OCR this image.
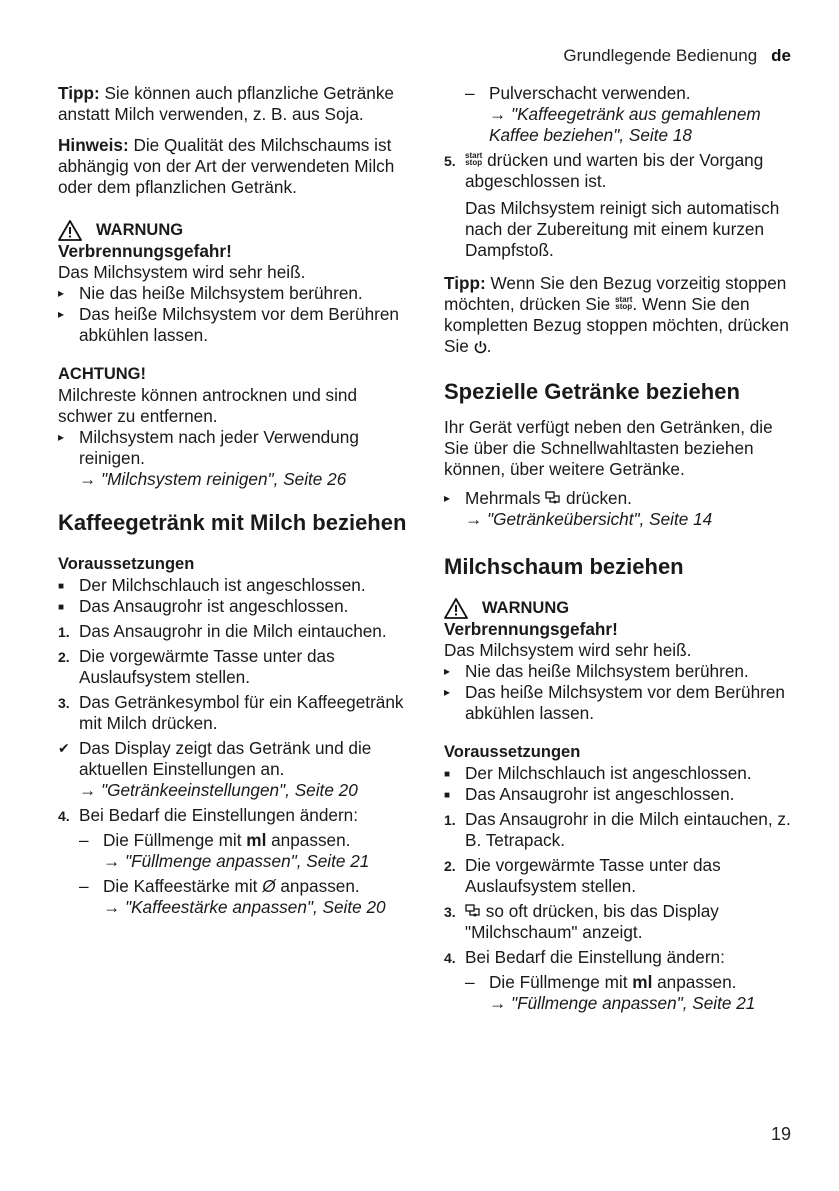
Grundlegende Bedienung de

Tipp: Sie können auch pflanzliche Getränke anstatt Milch verwenden, z. B. aus Soja.

Hinweis: Die Qualität des Milchschaums ist abhängig von der Art der verwendeten Milch oder dem pflanzlichen Getränk.

WARNUNG

Verbrennungsgefahr!

Das Milchsystem wird sehr heiß.

▸ Nie das heiße Milchsystem berühren.
▸ Das heiße Milchsystem vor dem Berühren abkühlen lassen.

ACHTUNG!

Milchreste können antrocknen und sind schwer zu entfernen.

▸ Milchsystem nach jeder Verwendung reinigen.
→ "Milchsystem reinigen", Seite 26
Kaffeegetränk mit Milch beziehen

Voraussetzungen

■ Der Milchschlauch ist angeschlossen.
■ Das Ansaugrohr ist angeschlossen.
1. Das Ansaugrohr in die Milch eintauchen.
2. Die vorgewärmte Tasse unter das Auslaufsystem stellen.
3. Das Getränkesymbol für ein Kaffeegetränk mit Milch drücken.
✔ Das Display zeigt das Getränk und die aktuellen Einstellungen an.
→ "Getränkeeinstellungen", Seite 20
4. Bei Bedarf die Einstellungen ändern:
– Die Füllmenge mit ml anpassen.
→ "Füllmenge anpassen", Seite 21
– Die Kaffeestärke mit Ø anpassen.
→ "Kaffeestärke anpassen", Seite 20
– Pulverschacht verwenden.
→ "Kaffeegetränk aus gemahlenem Kaffee beziehen", Seite 18
5. start
stop drücken und warten bis der Vorgang abgeschlossen ist.

Das Milchsystem reinigt sich automatisch nach der Zubereitung mit einem kurzen Dampfstoß.

Tipp: Wenn Sie den Bezug vorzeitig stoppen möchten, drücken Sie start
stop. Wenn Sie den kompletten Bezug stoppen möchten, drücken Sie .

Spezielle Getränke beziehen

Ihr Gerät verfügt neben den Getränken, die Sie über die Schnellwahltasten beziehen können, über weitere Getränke.

▸ Mehrmals drücken.
→ "Getränkeübersicht", Seite 14
Milchschaum beziehen
WARNUNG

Verbrennungsgefahr!

Das Milchsystem wird sehr heiß.

▸ Nie das heiße Milchsystem berühren.
▸ Das heiße Milchsystem vor dem Berühren abkühlen lassen.

Voraussetzungen

■ Der Milchschlauch ist angeschlossen.
■ Das Ansaugrohr ist angeschlossen.
1. Das Ansaugrohr in die Milch eintauchen, z. B. Tetrapack.
2. Die vorgewärmte Tasse unter das Auslaufsystem stellen.
3. so oft drücken, bis das Display "Milchschaum" anzeigt.
4. Bei Bedarf die Einstellung ändern:
– Die Füllmenge mit ml anpassen.
→ "Füllmenge anpassen", Seite 21
19
